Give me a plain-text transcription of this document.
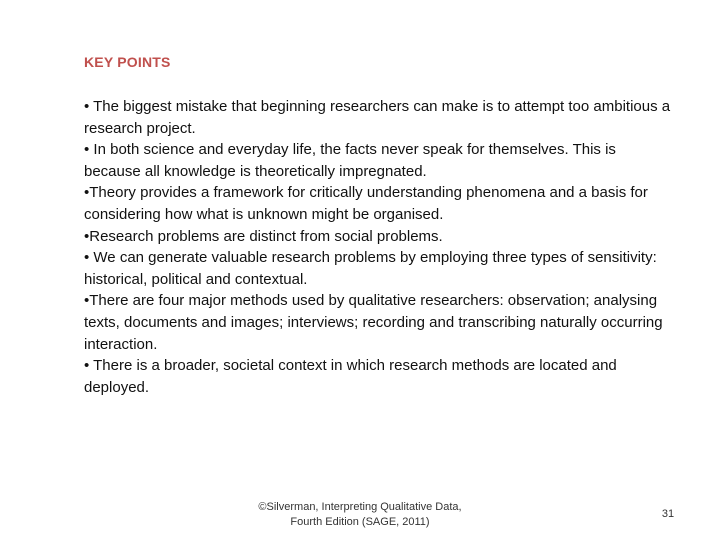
KEY POINTS
• The biggest mistake that beginning researchers can make is to attempt too ambitious a research project.
• In both science and everyday life, the facts never speak for themselves. This is because all knowledge is theoretically impregnated.
•Theory provides a framework for critically understanding phenomena and a basis for considering how what is unknown might be organised.
•Research problems are distinct from social problems.
• We can generate valuable research problems by employing three types of sensitivity: historical, political and contextual.
•There are four major methods used by qualitative researchers: observation; analysing texts, documents and images; interviews; recording and transcribing naturally occurring interaction.
• There is a broader, societal context in which research methods are located and deployed.
©Silverman, Interpreting Qualitative Data,
Fourth Edition (SAGE, 2011)
31
